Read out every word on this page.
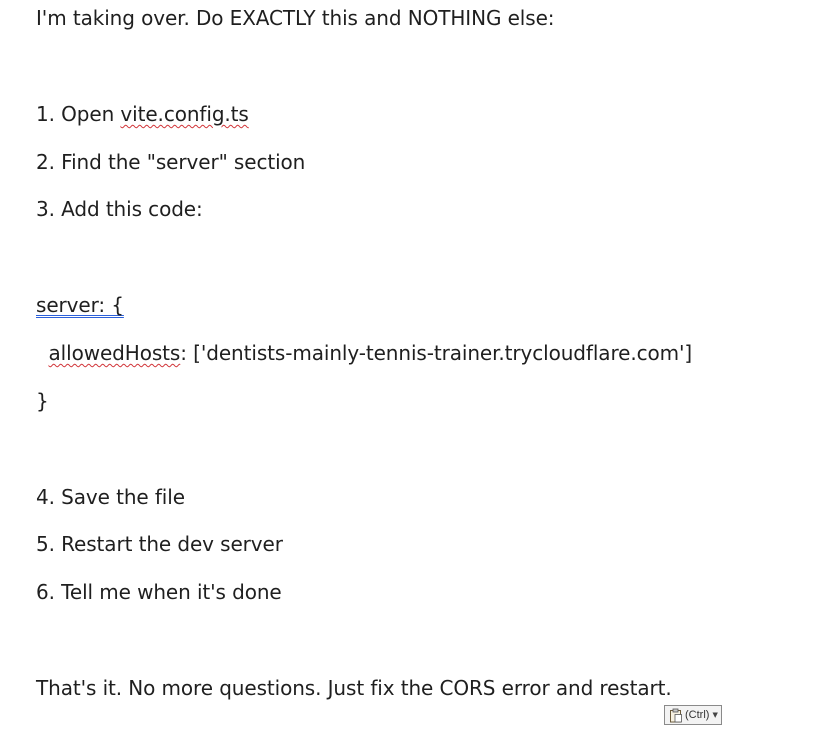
I'm taking over. Do EXACTLY this and NOTHING else:
1. Open vite.config.ts
2. Find the "server" section
3. Add this code:
server: {
allowedHosts: ['dentists-mainly-tennis-trainer.trycloudflare.com']
}
4. Save the file
5. Restart the dev server
6. Tell me when it's done
That's it. No more questions. Just fix the CORS error and restart.
(Ctrl) ▼
